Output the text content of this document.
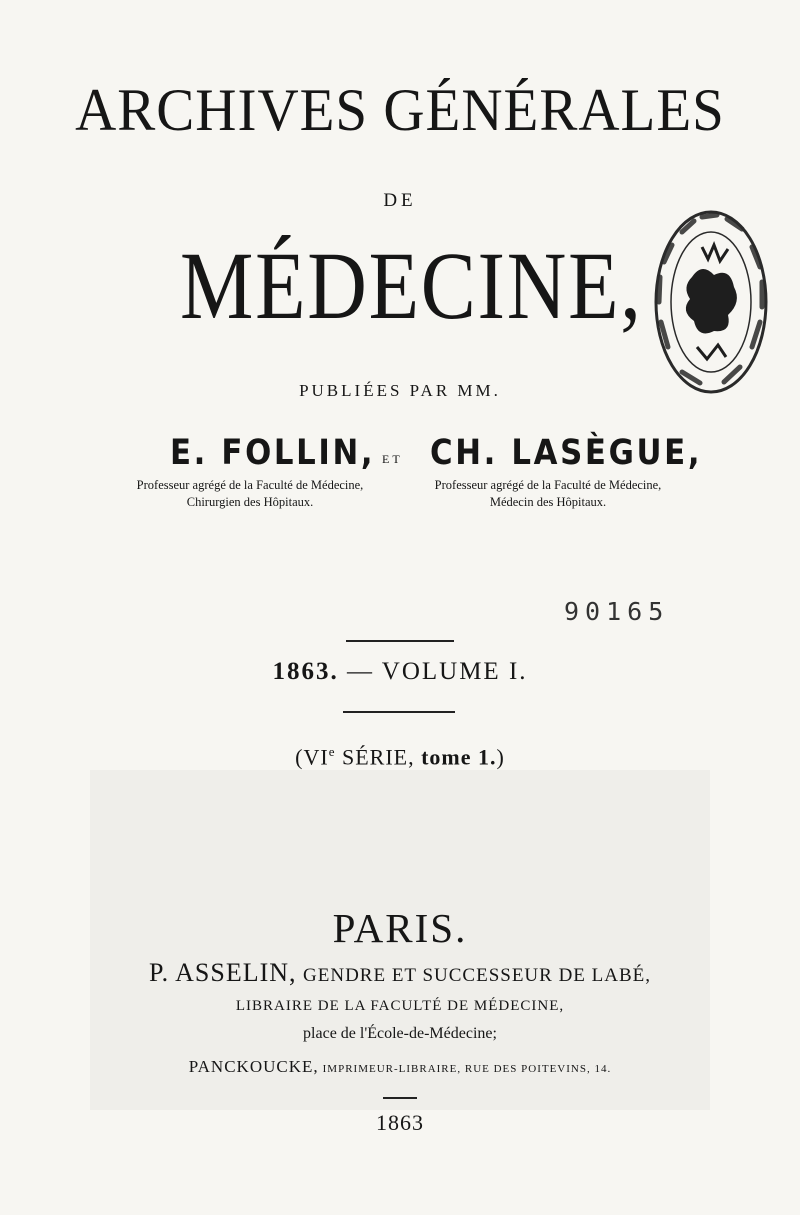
ARCHIVES GÉNÉRALES
DE
MÉDECINE,
PUBLIÉES PAR MM.
E. FOLLIN, ET CH. LASÈGUE,
Professeur agrégé de la Faculté de Médecine,
Chirurgien des Hôpitaux.
Professeur agrégé de la Faculté de Médecine,
Médecin des Hôpitaux.
90165
1863. — VOLUME I.
(VIe SÉRIE, tome 1.)
PARIS.
P. ASSELIN, GENDRE ET SUCCESSEUR DE LABÉ,
LIBRAIRE DE LA FACULTÉ DE MÉDECINE,
place de l'École-de-Médecine;
PANCKOUCKE, IMPRIMEUR-LIBRAIRE, RUE DES POITEVINS, 14.
1863
